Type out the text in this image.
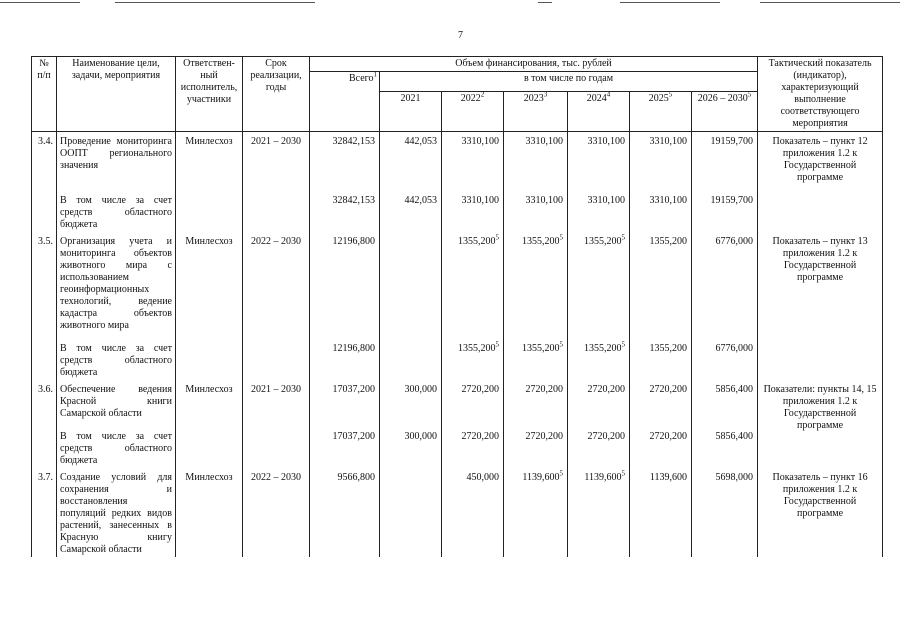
7
№ п/п	Наименование цели, задачи, мероприятия	Ответствен-ный исполнитель, участники	Срок реализации, годы	Объем финансирования, тыс. рублей							Тактический показатель (индикатор), характеризующий выполнение соответствующего мероприятия
				Всего$^1$	в том числе по годам						
					2021	2022$^2$	2023$^3$	2024$^4$	2025$^5$	2026 – 2030$^5$
3.4.	Проведение мониторинга ООПТ регионального значения	Минлесхоз	2021 – 2030	32842,153	442,053	3310,100	3310,100	3310,100	3310,100	19159,700	Показатель – пункт 12 приложения 1.2 к Государственной программе
	В том числе за счет средств областного бюджета			32842,153	442,053	3310,100	3310,100	3310,100	3310,100	19159,700	
3.5.	Организация учета и мониторинга объектов животного мира с использованием геоинформационных технологий, ведение кадастра объектов животного мира	Минлесхоз	2022 – 2030	12196,800		1355,200$^5$	1355,200$^5$	1355,200$^5$	1355,200	6776,000	Показатель – пункт 13 приложения 1.2 к Государственной программе
	В том числе за счет средств областного бюджета			12196,800		1355,200$^5$	1355,200$^5$	1355,200$^5$	1355,200	6776,000	
3.6.	Обеспечение ведения Красной книги Самарской области	Минлесхоз	2021 – 2030	17037,200	300,000	2720,200	2720,200	2720,200	2720,200	5856,400	Показатели: пункты 14, 15 приложения 1.2 к Государственной программе
	В том числе за счет средств областного бюджета			17037,200	300,000	2720,200	2720,200	2720,200	2720,200	5856,400	
3.7.	Создание условий для сохранения и восстановления популяций редких видов растений, занесенных в Красную книгу Самарской области	Минлесхоз	2022 – 2030	9566,800		450,000	1139,600$^5$	1139,600$^5$	1139,600	5698,000	Показатель – пункт 16 приложения 1.2 к Государственной программе
